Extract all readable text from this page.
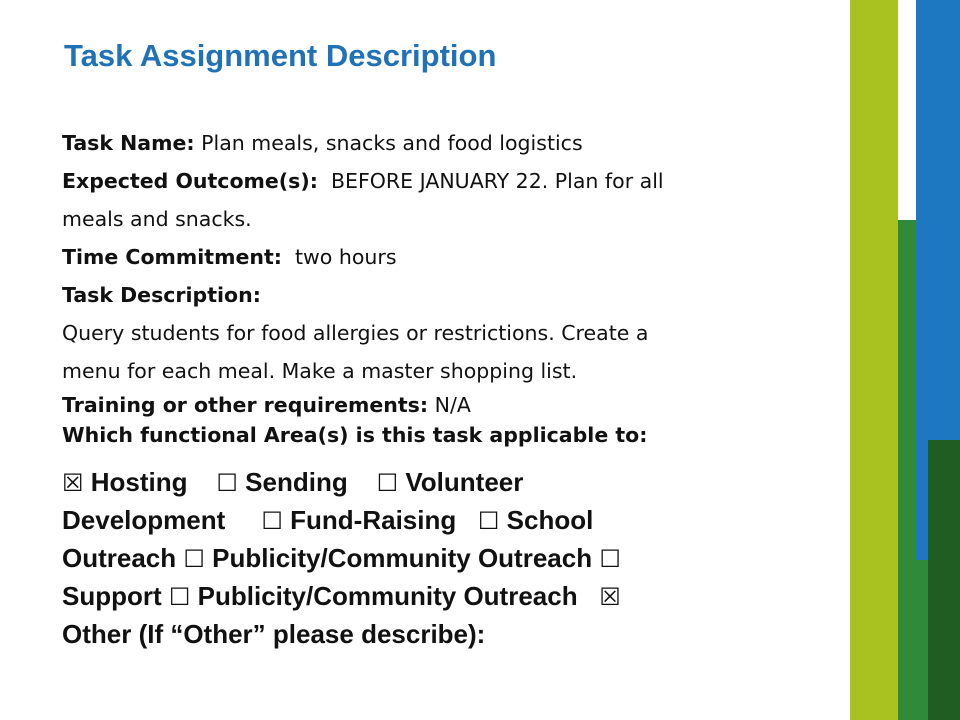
Task Assignment Description
Task Name: Plan meals, snacks and food logistics
Expected Outcome(s): BEFORE JANUARY 22. Plan for all
meals and snacks.
Time Commitment: two hours
Task Description:
Query students for food allergies or restrictions. Create a
menu for each meal. Make a master shopping list.
Training or other requirements: N/A
Which functional Area(s) is this task applicable to:
☒ Hosting ☐ Sending ☐ Volunteer
Development ☐ Fund-Raising ☐ School
Outreach ☐ Publicity/Community Outreach ☐
Support ☐ Publicity/Community Outreach ☒
Other (If “Other” please describe):
